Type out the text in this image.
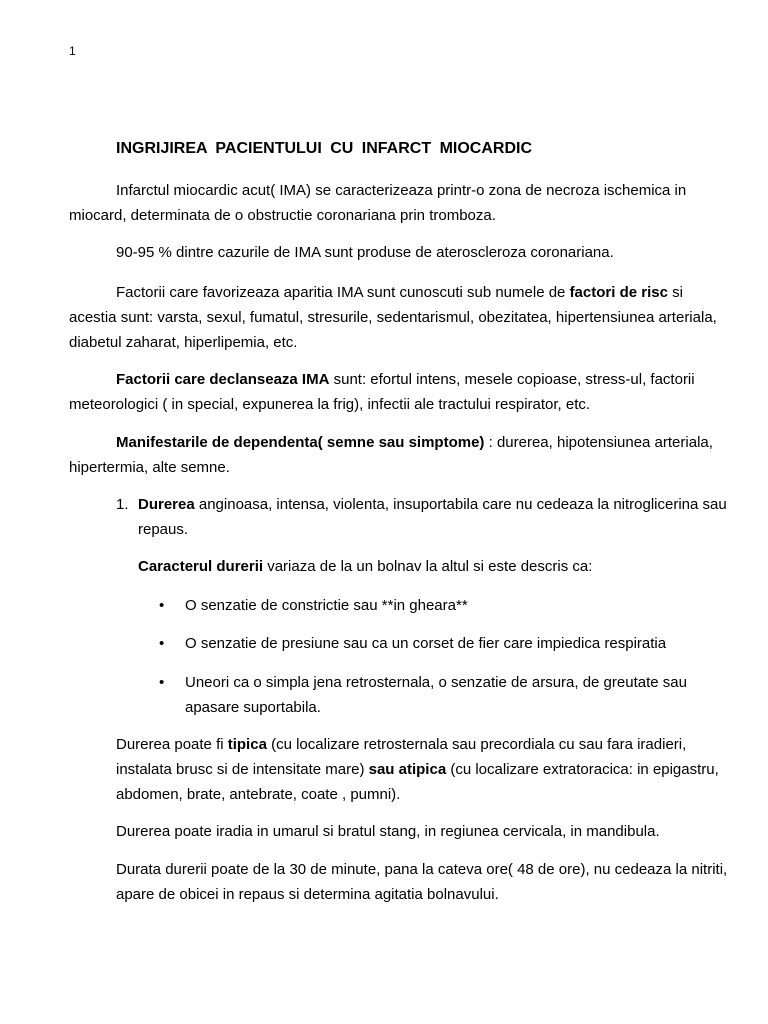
1
INGRIJIREA PACIENTULUI CU INFARCT MIOCARDIC

Infarctul miocardic acut( IMA) se caracterizeaza printr-o zona de necroza ischemica in miocard, determinata de o obstructie coronariana prin tromboza.

90-95 % dintre cazurile de IMA sunt produse de ateroscleroza coronariana.

Factorii care favorizeaza aparitia IMA sunt cunoscuti sub numele de factori de risc si acestia sunt: varsta, sexul, fumatul, stresurile, sedentarismul, obezitatea, hipertensiunea arteriala, diabetul zaharat, hiperlipemia, etc.

Factorii care declanseaza IMA sunt: efortul intens, mesele copioase, stress-ul, factorii meteorologici ( in special, expunerea la frig), infectii ale tractului respirator, etc.

Manifestarile de dependenta( semne sau simptome) : durerea, hipotensiunea arteriala, hipertermia, alte semne.

1. Durerea anginoasa, intensa, violenta, insuportabila care nu cedeaza la nitroglicerina sau repaus.

Caracterul durerii variaza de la un bolnav la altul si este descris ca:

• O senzatie de constrictie sau **in gheara**

• O senzatie de presiune sau ca un corset de fier care impiedica respiratia

• Uneori ca o simpla jena retrosternala, o senzatie de arsura, de greutate sau apasare suportabila.

Durerea poate fi tipica (cu localizare retrosternala sau precordiala cu sau fara iradieri, instalata brusc si de intensitate mare) sau atipica (cu localizare extratoracica: in epigastru, abdomen, brate, antebrate, coate , pumni).

Durerea poate iradia in umarul si bratul stang, in regiunea cervicala, in mandibula.

Durata durerii poate de la 30 de minute, pana la cateva ore( 48 de ore), nu cedeaza la nitriti, apare de obicei in repaus si determina agitatia bolnavului.
